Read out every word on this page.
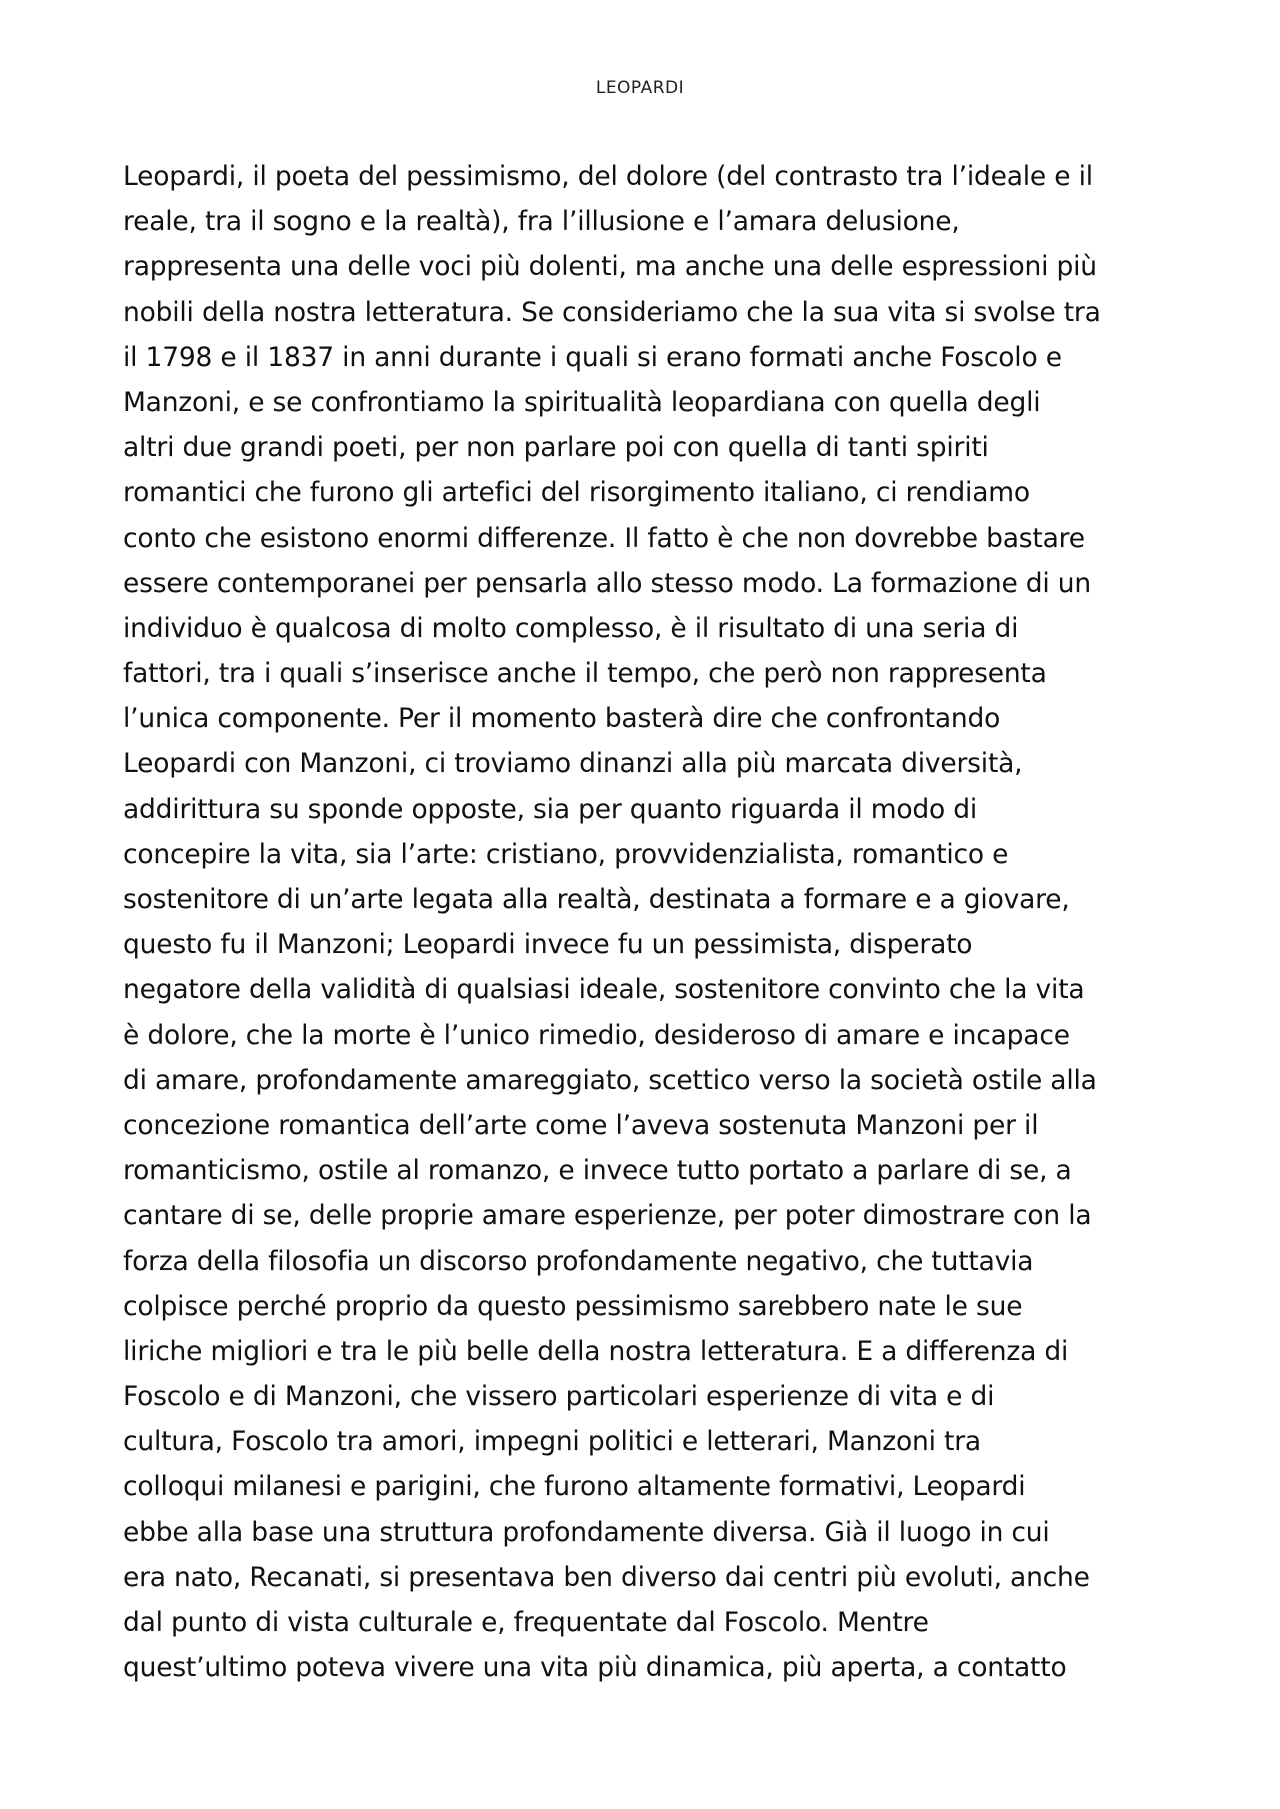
LEOPARDI
Leopardi, il poeta del pessimismo, del dolore (del contrasto tra l’ideale e il
reale, tra il sogno e la realtà), fra l’illusione e l’amara delusione,
rappresenta una delle voci più dolenti, ma anche una delle espressioni più
nobili della nostra letteratura. Se consideriamo che la sua vita si svolse tra
il 1798 e il 1837 in anni durante i quali si erano formati anche Foscolo e
Manzoni, e se confrontiamo la spiritualità leopardiana con quella degli
altri due grandi poeti, per non parlare poi con quella di tanti spiriti
romantici che furono gli artefici del risorgimento italiano, ci rendiamo
conto che esistono enormi differenze. Il fatto è che non dovrebbe bastare
essere contemporanei per pensarla allo stesso modo. La formazione di un
individuo è qualcosa di molto complesso, è il risultato di una seria di
fattori, tra i quali s’inserisce anche il tempo, che però non rappresenta
l’unica componente. Per il momento basterà dire che confrontando
Leopardi con Manzoni, ci troviamo dinanzi alla più marcata diversità,
addirittura su sponde opposte, sia per quanto riguarda il modo di
concepire la vita, sia l’arte: cristiano, provvidenzialista, romantico e
sostenitore di un’arte legata alla realtà, destinata a formare e a giovare,
questo fu il Manzoni; Leopardi invece fu un pessimista, disperato
negatore della validità di qualsiasi ideale, sostenitore convinto che la vita
è dolore, che la morte è l’unico rimedio, desideroso di amare e incapace
di amare, profondamente amareggiato, scettico verso la società ostile alla
concezione romantica dell’arte come l’aveva sostenuta Manzoni per il
romanticismo, ostile al romanzo, e invece tutto portato a parlare di se, a
cantare di se, delle proprie amare esperienze, per poter dimostrare con la
forza della filosofia un discorso profondamente negativo, che tuttavia
colpisce perché proprio da questo pessimismo sarebbero nate le sue
liriche migliori e tra le più belle della nostra letteratura. E a differenza di
Foscolo e di Manzoni, che vissero particolari esperienze di vita e di
cultura, Foscolo tra amori, impegni politici e letterari, Manzoni tra
colloqui milanesi e parigini, che furono altamente formativi, Leopardi
ebbe alla base una struttura profondamente diversa. Già il luogo in cui
era nato, Recanati, si presentava ben diverso dai centri più evoluti, anche
dal punto di vista culturale e, frequentate dal Foscolo. Mentre
quest’ultimo poteva vivere una vita più dinamica, più aperta, a contatto
